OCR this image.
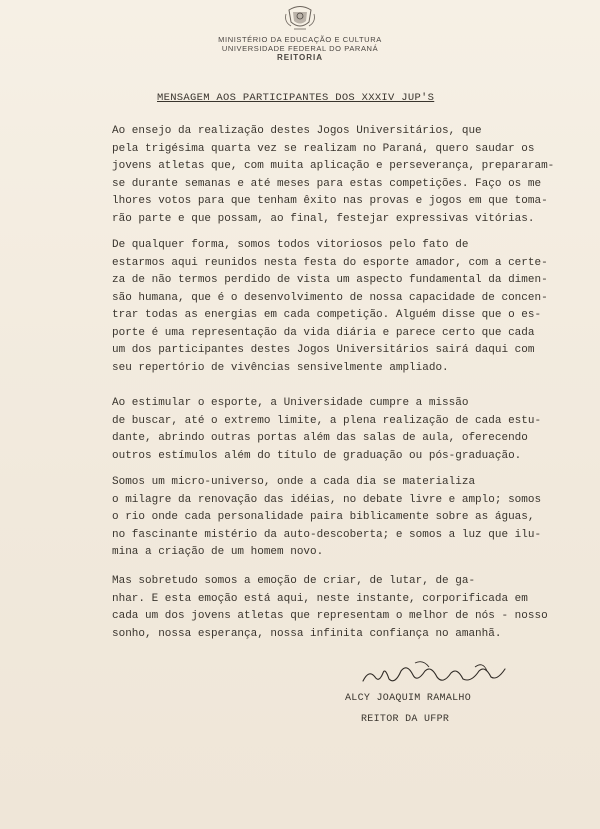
MINISTÉRIO DA EDUCAÇÃO E CULTURA
UNIVERSIDADE FEDERAL DO PARANÁ
REITORIA
MENSAGEM AOS PARTICIPANTES DOS XXXIV JUP'S
Ao ensejo da realização destes Jogos Universitários, que
pela trigésima quarta vez se realizam no Paraná, quero saudar os
jovens atletas que, com muita aplicação e perseverança, prepararam-
se durante semanas e até meses para estas competições. Faço os me
lhores votos para que tenham êxito nas provas e jogos em que toma-
rão parte e que possam, ao final, festejar expressivas vitórias.
De qualquer forma, somos todos vitoriosos pelo fato de
estarmos aqui reunidos nesta festa do esporte amador, com a certe-
za de não termos perdido de vista um aspecto fundamental da dimen-
são humana, que é o desenvolvimento de nossa capacidade de concen-
trar todas as energias em cada competição. Alguém disse que o es-
porte é uma representação da vida diária e parece certo que cada
um dos participantes destes Jogos Universitários sairá daqui com
seu repertório de vivências sensivelmente ampliado.
Ao estimular o esporte, a Universidade cumpre a missão
de buscar, até o extremo limite, a plena realização de cada estu-
dante, abrindo outras portas além das salas de aula, oferecendo
outros estímulos além do título de graduação ou pós-graduação.
Somos um micro-universo, onde a cada dia se materializa
o milagre da renovação das idéias, no debate livre e amplo; somos
o rio onde cada personalidade paira biblicamente sobre as águas,
no fascinante mistério da auto-descoberta; e somos a luz que ilu-
mina a criação de um homem novo.
Mas sobretudo somos a emoção de criar, de lutar, de ga-
nhar. E esta emoção está aqui, neste instante, corporificada em
cada um dos jovens atletas que representam o melhor de nós - nosso
sonho, nossa esperança, nossa infinita confiança no amanhã.
ALCY JOAQUIM RAMALHO
REITOR DA UFPR
